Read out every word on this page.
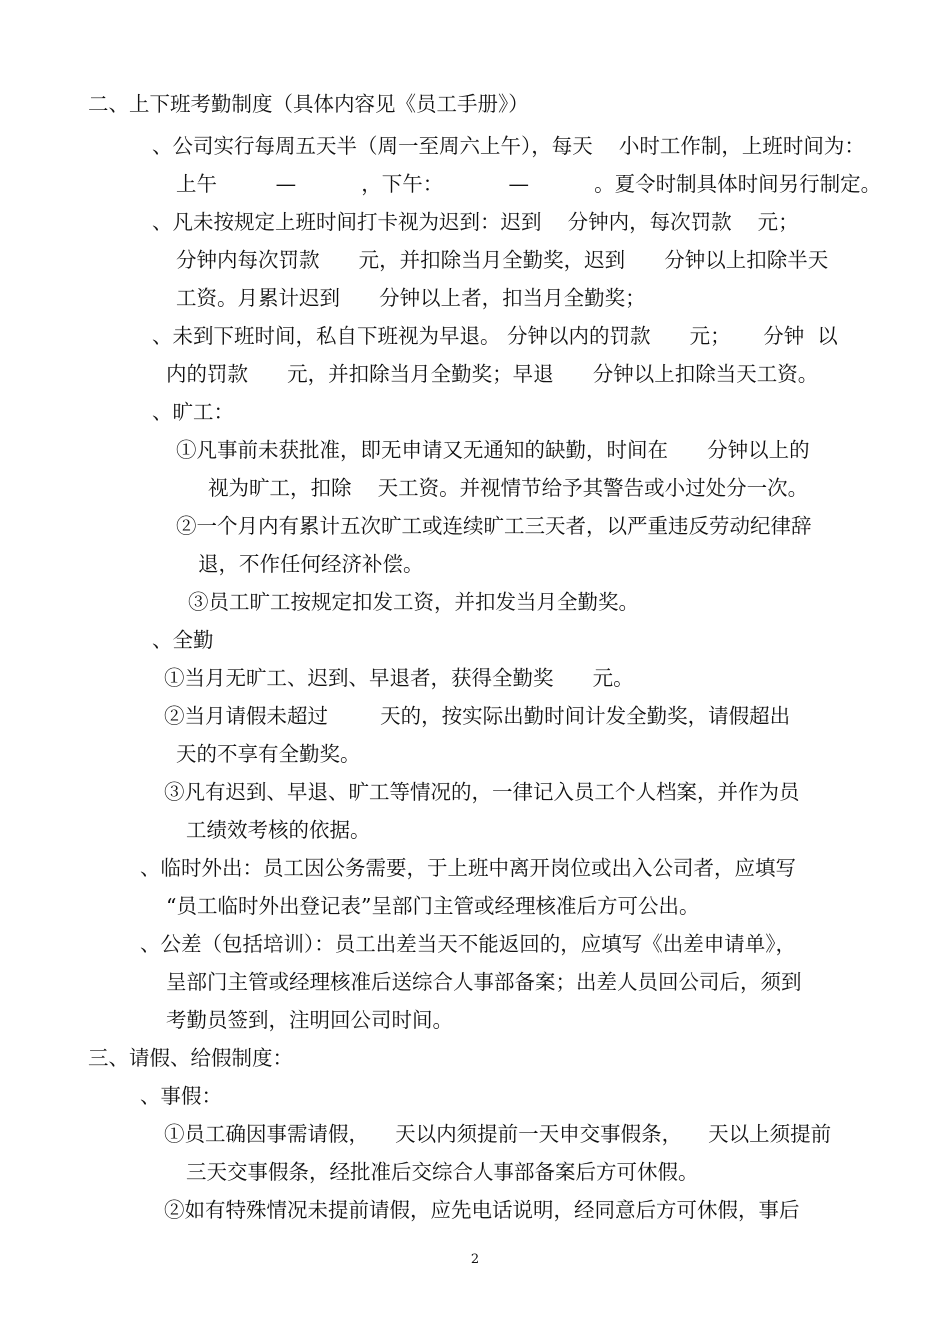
二、上下班考勤制度（具体内容见《员工手册》）
、公司实行每周五天半（周一至周六上午），每天    小时工作制，上班时间为：
上午         —          ，下午：          —          。夏令时制具体时间另行制定。
、凡未按规定上班时间打卡视为迟到：迟到    分钟内，每次罚款    元；
分钟内每次罚款      元，并扣除当月全勤奖，迟到      分钟以上扣除半天
工资。月累计迟到      分钟以上者，扣当月全勤奖；
、未到下班时间，私自下班视为早退。 分钟以内的罚款      元；     分钟  以
内的罚款      元，并扣除当月全勤奖；早退      分钟以上扣除当天工资。
、旷工：
①凡事前未获批准，即无申请又无通知的缺勤，时间在      分钟以上的
视为旷工，扣除    天工资。并视情节给予其警告或小过处分一次。
②一个月内有累计五次旷工或连续旷工三天者，以严重违反劳动纪律辞
退，不作任何经济补偿。
③员工旷工按规定扣发工资，并扣发当月全勤奖。
、全勤
①当月无旷工、迟到、早退者，获得全勤奖      元。
②当月请假未超过        天的，按实际出勤时间计发全勤奖，请假超出
天的不享有全勤奖。
③凡有迟到、早退、旷工等情况的，一律记入员工个人档案，并作为员
工绩效考核的依据。
、临时外出：员工因公务需要，于上班中离开岗位或出入公司者，应填写
“员工临时外出登记表”呈部门主管或经理核准后方可公出。
、公差（包括培训）：员工出差当天不能返回的，应填写《出差申请单》，
呈部门主管或经理核准后送综合人事部备案；出差人员回公司后，须到
考勤员签到，注明回公司时间。
三、请假、给假制度：
、事假：
①员工确因事需请假，    天以内须提前一天申交事假条，    天以上须提前
三天交事假条，经批准后交综合人事部备案后方可休假。
②如有特殊情况未提前请假，应先电话说明，经同意后方可休假，事后
2
